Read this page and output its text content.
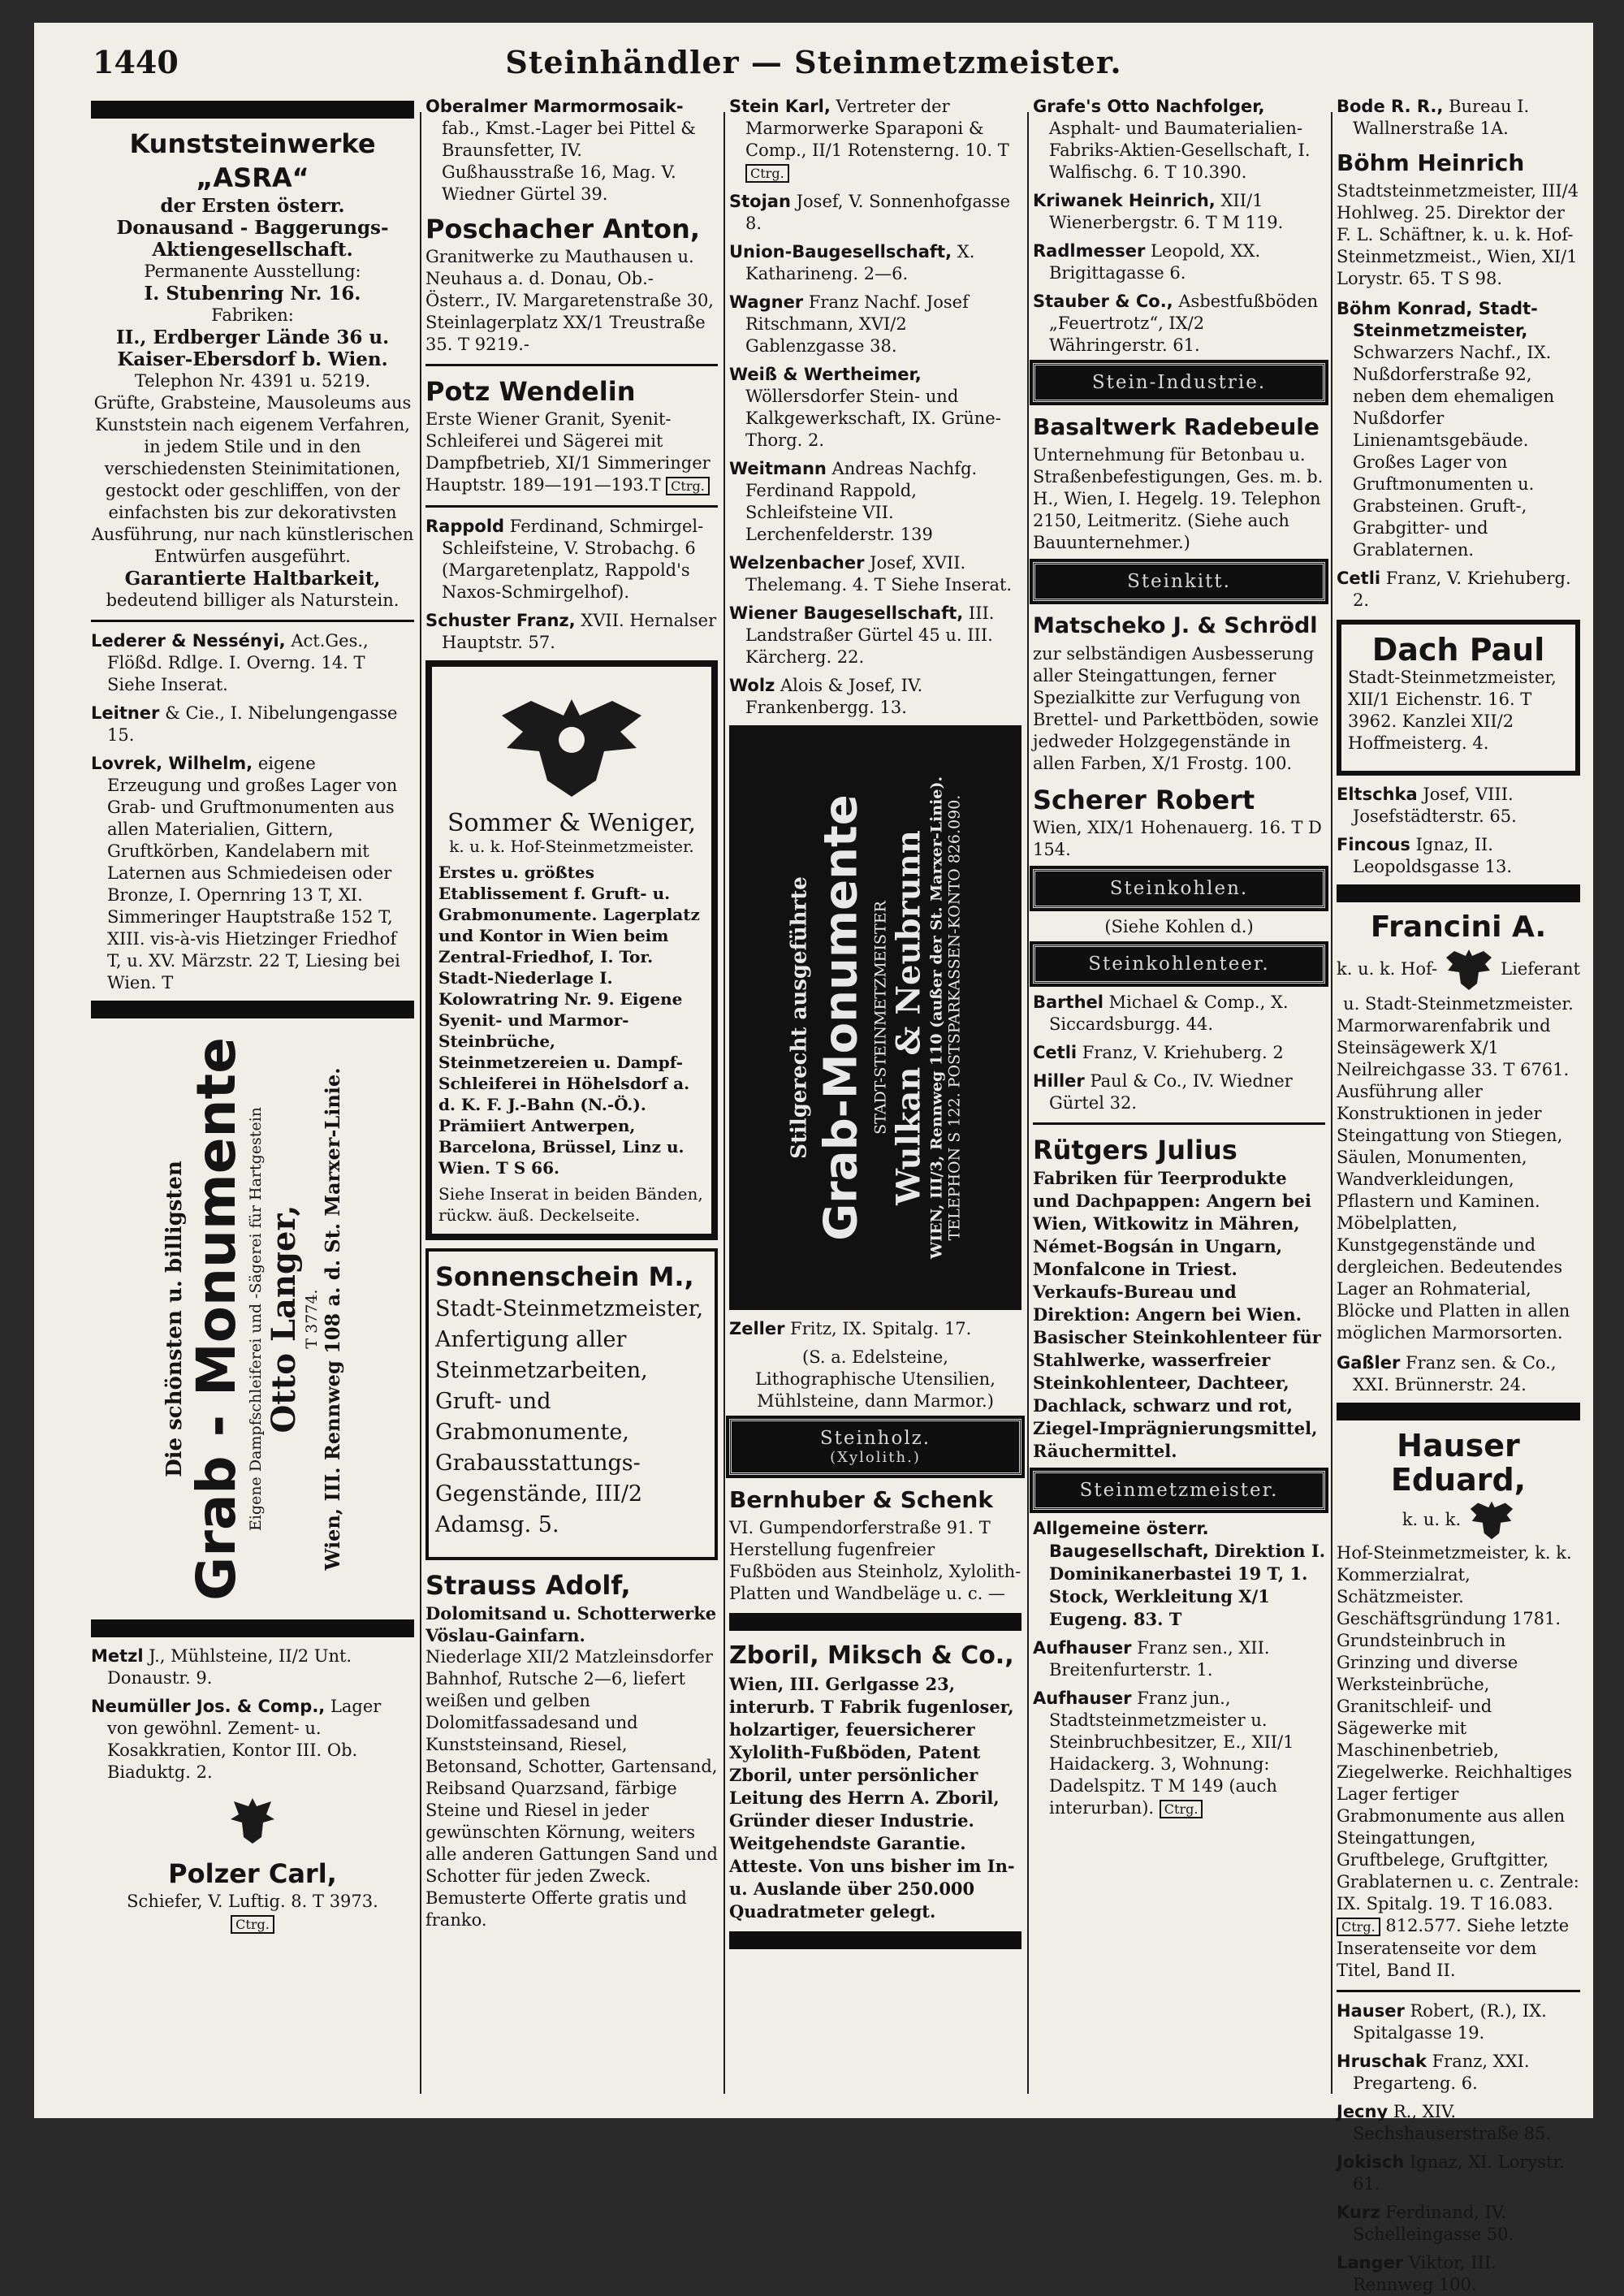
1440	Steinhändler — Steinmetzmeister.
Kunststeinwerke „ASRA“
der Ersten österr.
Donausand - Baggerungs-
Aktiengesellschaft.
Permanente Ausstellung:
I. Stubenring Nr. 16.
Fabriken:
II., Erdberger Lände 36 u.
Kaiser-Ebersdorf b. Wien.
Telephon Nr. 4391 u. 5219.
Grüfte, Grabsteine, Mausoleums aus Kunststein nach eigenem Verfahren, in jedem Stile und in den verschiedensten Steinimitationen, gestockt oder geschliffen, von der einfachsten bis zur dekorativsten Ausführung, nur nach künstlerischen Entwürfen ausgeführt.
Garantierte Haltbarkeit,
bedeutend billiger als Naturstein.

Lederer & Nessényi, Act.Ges., Flößd. Rdlge. I. Overng. 14. T Siehe Inserat.

Leitner & Cie., I. Nibelungengasse 15.

Lovrek, Wilhelm, eigene Erzeugung und großes Lager von Grab- und Gruftmonumenten aus allen Materialien, Gittern, Gruftkörben, Kandelabern mit Laternen aus Schmiedeisen oder Bronze, I. Opernring 13 T, XI. Simmeringer Hauptstraße 152 T, XIII. vis-à-vis Hietzinger Friedhof T, u. XV. Märzstr. 22 T, Liesing bei Wien. T

Die schönsten u. billigsten
Grab - Monumente Eigene Dampfschleiferei und -Sägerei für Hartgestein Otto Langer, T 3774. Wien, III. Rennweg 108 a. d. St. Marxer-Linie.

Metzl J., Mühlsteine, II/2 Unt. Donaustr. 9.

Neumüller Jos. & Comp., Lager von gewöhnl. Zement- u. Kosakkratien, Kontor III. Ob. Biaduktg. 2.

Polzer Carl,
Schiefer, V. Luftig. 8. T 3973.
Ctrg.

Oberalmer Marmormosaik- fab., Kmst.-Lager bei Pittel & Braunsfetter, IV. Gußhausstraße 16, Mag. V. Wiedner Gürtel 39.

Poschacher Anton,
Granitwerke zu Mauthausen u. Neuhaus a. d. Donau, Ob.-Österr., IV. Margaretenstraße 30, Steinlagerplatz XX/1 Treustraße 35. T 9219.-
Potz Wendelin
Erste Wiener Granit, Syenit-Schleiferei und Sägerei mit Dampfbetrieb, XI/1 Simmeringer Hauptstr. 189—191—193.T Ctrg.

Rappold Ferdinand, Schmirgel-Schleifsteine, V. Strobachg. 6 (Margaretenplatz, Rappold's Naxos-Schmirgelhof).

Schuster Franz, XVII. Hernalser Hauptstr. 57.

Sommer & Weniger, k. u. k. Hof-Steinmetzmeister.
Erstes u. größtes Etablissement f. Gruft- u. Grabmonumente. Lagerplatz und Kontor in Wien beim Zentral-Friedhof, I. Tor. Stadt-Niederlage I. Kolowratring Nr. 9. Eigene Syenit- und Marmor-Steinbrüche, Steinmetzereien u. Dampf-Schleiferei in Höhelsdorf a. d. K. F. J.-Bahn (N.-Ö.). Prämiiert Antwerpen, Barcelona, Brüssel, Linz u. Wien. T S 66.
Siehe Inserat in beiden Bänden, rückw. äuß. Deckelseite.
Sonnenschein M.,
Stadt-Steinmetzmeister, Anfertigung aller Steinmetzarbeiten, Gruft- und Grabmonumente, Grabausstattungs-Gegenstände, III/2 Adamsg. 5.
Strauss Adolf,
Dolomitsand u. Schotterwerke Vöslau-Gainfarn.
Niederlage XII/2 Matzleinsdorfer Bahnhof, Rutsche 2—6, liefert weißen und gelben Dolomitfassadesand und Kunststeinsand, Riesel, Betonsand, Schotter, Gartensand, Reibsand Quarzsand, färbige Steine und Riesel in jeder gewünschten Körnung, weiters alle anderen Gattungen Sand und Schotter für jeden Zweck. Bemusterte Offerte gratis und franko.

Stein Karl, Vertreter der Marmorwerke Sparaponi & Comp., II/1 Rotensterng. 10. T Ctrg.

Stojan Josef, V. Sonnenhofgasse 8.

Union-Baugesellschaft, X. Katharineng. 2—6.

Wagner Franz Nachf. Josef Ritschmann, XVI/2 Gablenzgasse 38.

Weiß & Wertheimer, Wöllersdorfer Stein- und Kalkgewerkschaft, IX. Grüne-Thorg. 2.

Weitmann Andreas Nachfg. Ferdinand Rappold, Schleifsteine VII. Lerchenfelderstr. 139

Welzenbacher Josef, XVII. Thelemang. 4. T Siehe Inserat.

Wiener Baugesellschaft, III. Landstraßer Gürtel 45 u. III. Kärcherg. 22.

Wolz Alois & Josef, IV. Frankenbergg. 13.

Stilgerecht ausgeführte Grab-Monumente STADT-STEINMETZMEISTER Wulkan & Neubrunn WIEN, III/3, Rennweg 110 (außer der St. Marxer-Linie). TELEPHON S 122. POSTSPARKASSEN-KONTO 826.090.

Zeller Fritz, IX. Spitalg. 17.

(S. a. Edelsteine, Lithographische Utensilien, Mühlsteine, dann Marmor.)

Steinholz.
(Xylolith.)
Bernhuber & Schenk
VI. Gumpendorferstraße 91. T Herstellung fugenfreier Fußböden aus Steinholz, Xylolith-Platten und Wandbeläge u. c. —
Zboril, Miksch & Co.,
Wien, III. Gerlgasse 23, interurb. T Fabrik fugenloser, holzartiger, feuersicherer Xylolith-Fußböden, Patent Zboril, unter persönlicher Leitung des Herrn A. Zboril, Gründer dieser Industrie. Weitgehendste Garantie. Atteste. Von uns bisher im In- u. Auslande über 250.000 Quadratmeter gelegt.

Grafe's Otto Nachfolger, Asphalt- und Baumaterialien-Fabriks-Aktien-Gesellschaft, I. Walfischg. 6. T 10.390.

Kriwanek Heinrich, XII/1 Wienerbergstr. 6. T M 119.

Radlmesser Leopold, XX. Brigittagasse 6.

Stauber & Co., Asbestfußböden „Feuertrotz“, IX/2 Währingerstr. 61.

Stein-Industrie.
Basaltwerk Radebeule
Unternehmung für Betonbau u. Straßenbefestigungen, Ges. m. b. H., Wien, I. Hegelg. 19. Telephon 2150, Leitmeritz. (Siehe auch Bauunternehmer.)
Steinkitt.
Matscheko J. & Schrödl
zur selbständigen Ausbesserung aller Steingattungen, ferner Spezialkitte zur Verfugung von Brettel- und Parkettböden, sowie jedweder Holzgegenstände in allen Farben, X/1 Frostg. 100.
Scherer Robert
Wien, XIX/1 Hohenauerg. 16. T D 154.
Steinkohlen.

(Siehe Kohlen d.)

Steinkohlenteer.

Barthel Michael & Comp., X. Siccardsburgg. 44.

Cetli Franz, V. Kriehuberg. 2

Hiller Paul & Co., IV. Wiedner Gürtel 32.

Rütgers Julius
Fabriken für Teerprodukte und Dachpappen: Angern bei Wien, Witkowitz in Mähren, Német-Bogsán in Ungarn, Monfalcone in Triest. Verkaufs-Bureau und Direktion: Angern bei Wien. Basischer Steinkohlenteer für Stahlwerke, wasserfreier Steinkohlenteer, Dachteer, Dachlack, schwarz und rot, Ziegel-Imprägnierungsmittel, Räuchermittel.
Steinmetzmeister.

Allgemeine österr. Baugesellschaft, Direktion I. Dominikanerbastei 19 T, 1. Stock, Werkleitung X/1 Eugeng. 83. T

Aufhauser Franz sen., XII. Breitenfurterstr. 1.

Aufhauser Franz jun., Stadtsteinmetzmeister u. Steinbruchbesitzer, E., XII/1 Haidackerg. 3, Wohnung: Dadelspitz. T M 149 (auch interurban). Ctrg.

Bode R. R., Bureau I. Wallnerstraße 1A.

Böhm Heinrich
Stadtsteinmetzmeister, III/4 Hohlweg. 25. Direktor der F. L. Schäftner, k. u. k. Hof-Steinmetzmeist., Wien, XI/1 Lorystr. 65. T S 98.

Böhm Konrad, Stadt-Steinmetzmeister, Schwarzers Nachf., IX. Nußdorferstraße 92, neben dem ehemaligen Nußdorfer Linienamtsgebäude. Großes Lager von Gruftmonumenten u. Grabsteinen. Gruft-, Grabgitter- und Grablaternen.

Cetli Franz, V. Kriehuberg. 2.

Dach Paul
Stadt-Steinmetzmeister, XII/1 Eichenstr. 16. T 3962. Kanzlei XII/2 Hoffmeisterg. 4.

Eltschka Josef, VIII. Josefstädterstr. 65.

Fincous Ignaz, II. Leopoldsgasse 13.

Francini A.
k. u. k. Hof-	Lieferant
u. Stadt-Steinmetzmeister.
Marmorwarenfabrik und Steinsägewerk X/1 Neilreichgasse 33. T 6761. Ausführung aller Konstruktionen in jeder Steingattung von Stiegen, Säulen, Monumenten, Wandverkleidungen, Pflastern und Kaminen. Möbelplatten, Kunstgegenstände und dergleichen. Bedeutendes Lager an Rohmaterial, Blöcke und Platten in allen möglichen Marmorsorten.

Gaßler Franz sen. & Co., XXI. Brünnerstr. 24.

Hauser Eduard,
k. u. k.
Hof-Steinmetzmeister, k. k. Kommerzialrat, Schätzmeister. Geschäftsgründung 1781. Grundsteinbruch in Grinzing und diverse Werksteinbrüche, Granitschleif- und Sägewerke mit Maschinenbetrieb, Ziegelwerke. Reichhaltiges Lager fertiger Grabmonumente aus allen Steingattungen, Gruftbelege, Gruftgitter, Grablaternen u. c. Zentrale: IX. Spitalg. 19. T 16.083.
Ctrg. 812.577. Siehe letzte Inseratenseite vor dem Titel, Band II.

Hauser Robert, (R.), IX. Spitalgasse 19.

Hruschak Franz, XXI. Pregarteng. 6.

Jecny R., XIV. Sechshauserstraße 85.

Jokisch Ignaz, XI. Lorystr. 61.

Kurz Ferdinand, IV. Schelleingasse 50.

Langer Viktor, III. Rennweg 100.
